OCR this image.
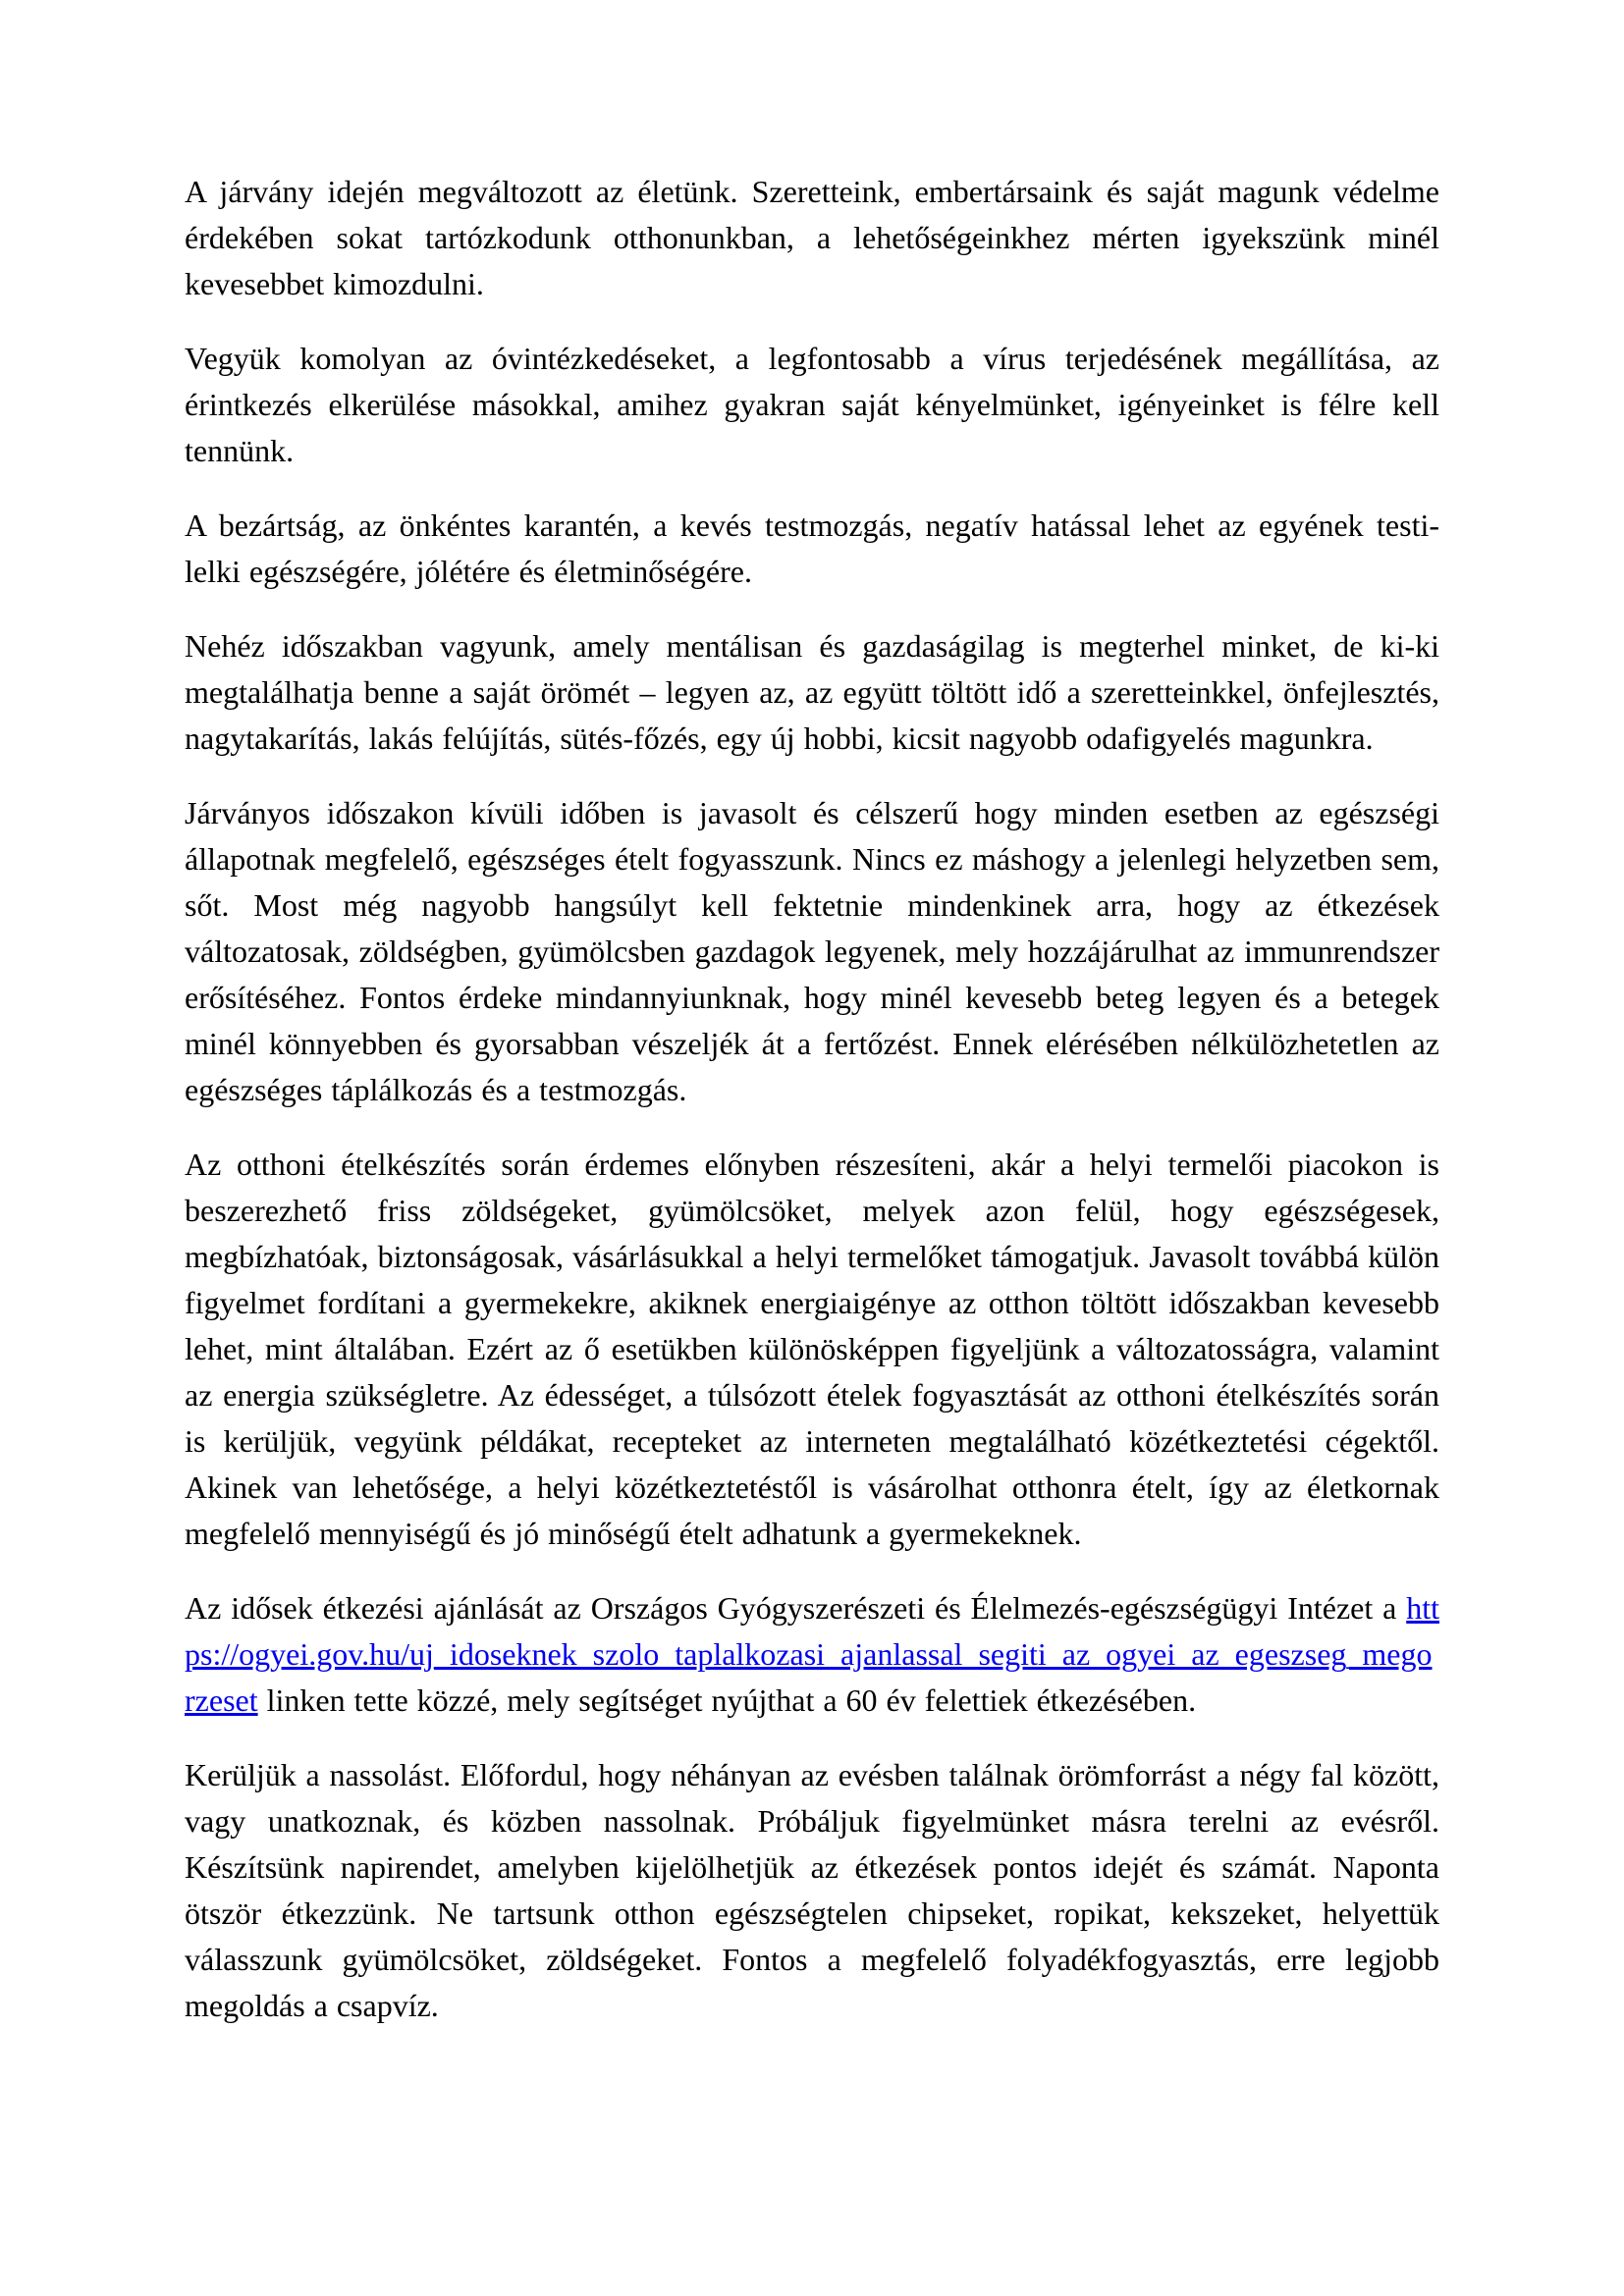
A járvány idején megváltozott az életünk. Szeretteink, embertársaink és saját magunk védelme érdekében sokat tartózkodunk otthonunkban, a lehetőségeinkhez mérten igyekszünk minél kevesebbet kimozdulni.

Vegyük komolyan az óvintézkedéseket, a legfontosabb a vírus terjedésének megállítása, az érintkezés elkerülése másokkal, amihez gyakran saját kényelmünket, igényeinket is félre kell tennünk.

A bezártság, az önkéntes karantén, a kevés testmozgás, negatív hatással lehet az egyének testi-lelki egészségére, jólétére és életminőségére.

Nehéz időszakban vagyunk, amely mentálisan és gazdaságilag is megterhel minket, de ki-ki megtalálhatja benne a saját örömét – legyen az, az együtt töltött idő a szeretteinkkel, önfejlesztés, nagytakarítás, lakás felújítás, sütés-főzés, egy új hobbi, kicsit nagyobb odafigyelés magunkra.

Járványos időszakon kívüli időben is javasolt és célszerű hogy minden esetben az egészségi állapotnak megfelelő, egészséges ételt fogyasszunk. Nincs ez máshogy a jelenlegi helyzetben sem, sőt. Most még nagyobb hangsúlyt kell fektetnie mindenkinek arra, hogy az étkezések változatosak, zöldségben, gyümölcsben gazdagok legyenek, mely hozzájárulhat az immunrendszer erősítéséhez. Fontos érdeke mindannyiunknak, hogy minél kevesebb beteg legyen és a betegek minél könnyebben és gyorsabban vészeljék át a fertőzést. Ennek elérésében nélkülözhetetlen az egészséges táplálkozás és a testmozgás.

Az otthoni ételkészítés során érdemes előnyben részesíteni, akár a helyi termelői piacokon is beszerezhető friss zöldségeket, gyümölcsöket, melyek azon felül, hogy egészségesek, megbízhatóak, biztonságosak, vásárlásukkal a helyi termelőket támogatjuk. Javasolt továbbá külön figyelmet fordítani a gyermekekre, akiknek energiaigénye az otthon töltött időszakban kevesebb lehet, mint általában. Ezért az ő esetükben különösképpen figyeljünk a változatosságra, valamint az energia szükségletre. Az édességet, a túlsózott ételek fogyasztását az otthoni ételkészítés során is kerüljük, vegyünk példákat, recepteket az interneten megtalálható közétkeztetési cégektől. Akinek van lehetősége, a helyi közétkeztetéstől is vásárolhat otthonra ételt, így az életkornak megfelelő mennyiségű és jó minőségű ételt adhatunk a gyermekeknek.

Az idősek étkezési ajánlását az Országos Gyógyszerészeti és Élelmezés-egészségügyi Intézet a https://ogyei.gov.hu/uj_idoseknek_szolo_taplalkozasi_ajanlassal_segiti_az_ogyei_az_egeszseg_megorzeset linken tette közzé, mely segítséget nyújthat a 60 év felettiek étkezésében.

Kerüljük a nassolást. Előfordul, hogy néhányan az evésben találnak örömforrást a négy fal között, vagy unatkoznak, és közben nassolnak. Próbáljuk figyelmünket másra terelni az evésről. Készítsünk napirendet, amelyben kijelölhetjük az étkezések pontos idejét és számát. Naponta ötször étkezzünk. Ne tartsunk otthon egészségtelen chipseket, ropikat, kekszeket, helyettük válasszunk gyümölcsöket, zöldségeket. Fontos a megfelelő folyadékfogyasztás, erre legjobb megoldás a csapvíz.
